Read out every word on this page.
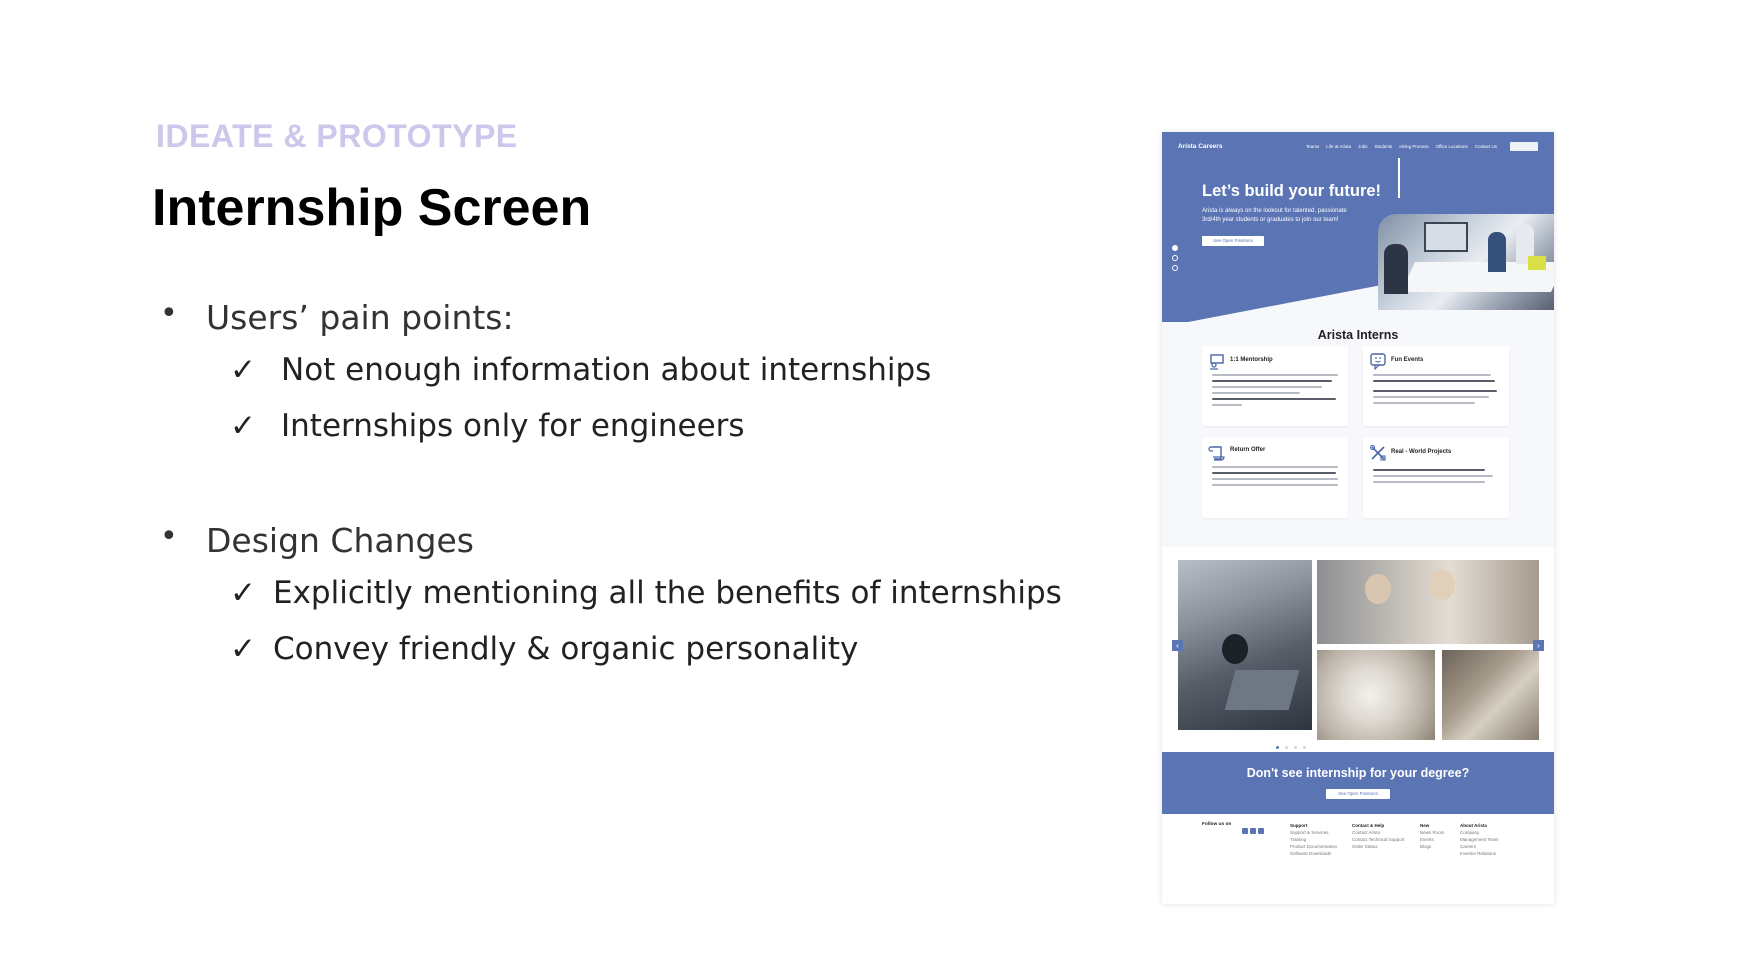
IDEATE & PROTOTYPE
Internship Screen
• Users’ pain points:
✓ Not enough information about internships
✓ Internships only for engineers
• Design Changes
✓ Explicitly mentioning all the benefits of internships
✓ Convey friendly & organic personality
Arista Careers	Teams Life at Arista Jobs Students Hiring Process Office Locations Contact Us
Let’s build your future!
Arista is always on the lookout for talented, passionate
3rd/4th year students or graduates to join our team!
See Open Positions
Arista Interns
1:1 Mentorship	Fun Events
Return Offer	Real - World Projects
‹	›
Don't see internship for your degree?
See Open Positions
Follow us on	Support
Support & Services
Training
Product Documentation
Software Downloads
Contact & Help
Contact Arista
Contact Technical Support
Order Status
New
News Room
Events
Blogs
About Arista
Company
Management Team
Careers
Investor Relations
